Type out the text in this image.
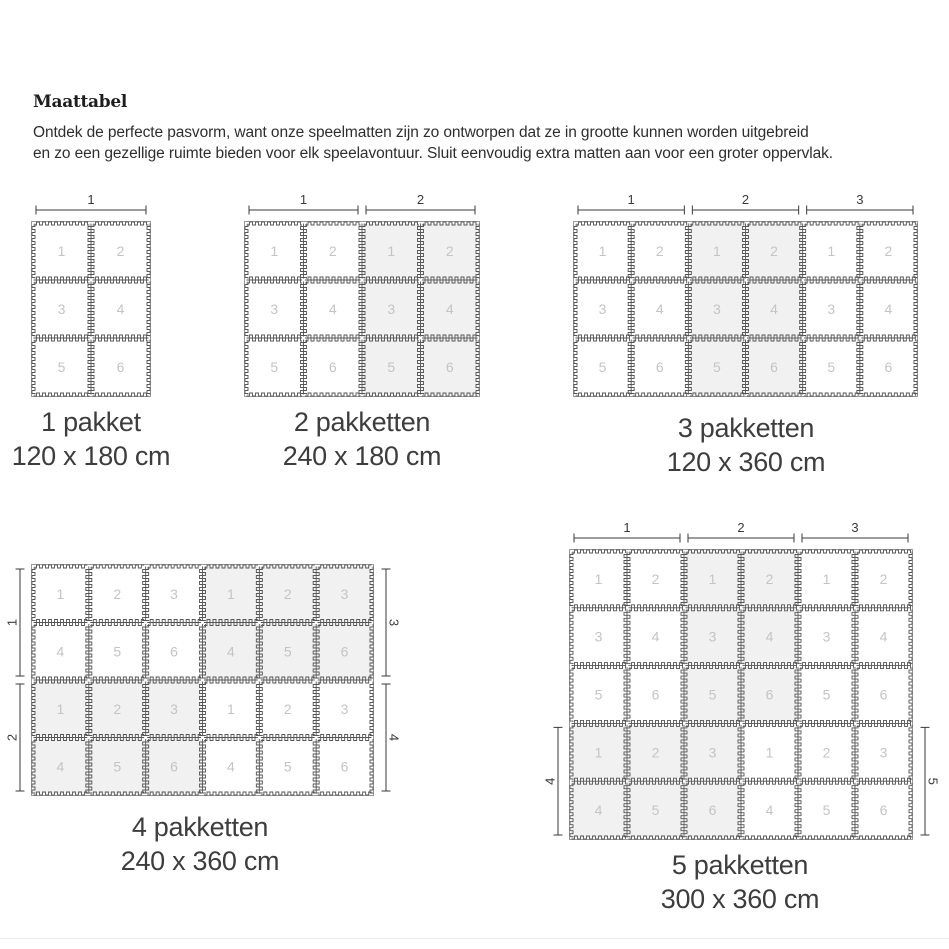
Maattabel
Ontdek de perfecte pasvorm, want onze speelmatten zijn zo ontworpen dat ze in grootte kunnen worden uitgebreid
en zo een gezellige ruimte bieden voor elk speelavontuur. Sluit eenvoudig extra matten aan voor een groter oppervlak.
1	2
3	4
5	6
1
1	2
3	4
5	6
1
1	2
3	4
5	6
2
1	2
3	4
5	6
1
1	2
3	4
5	6
2
1	2
3	4
5	6
3
1	2	3
4	5	6
1
1	2	3
4	5	6
2
1	2	3
4	5	6
3
1	2	3
4	5	6
4
1	2
3	4
5	6
1
1	2
3	4
5	6
2
1	2
3	4
5	6
3
1	2	3
4	5	6
4
1	2	3
4	5	6
5
1 pakket
120 x 180 cm
2 pakketten
240 x 180 cm
3 pakketten
120 x 360 cm
4 pakketten
240 x 360 cm	5 pakketten
300 x 360 cm
